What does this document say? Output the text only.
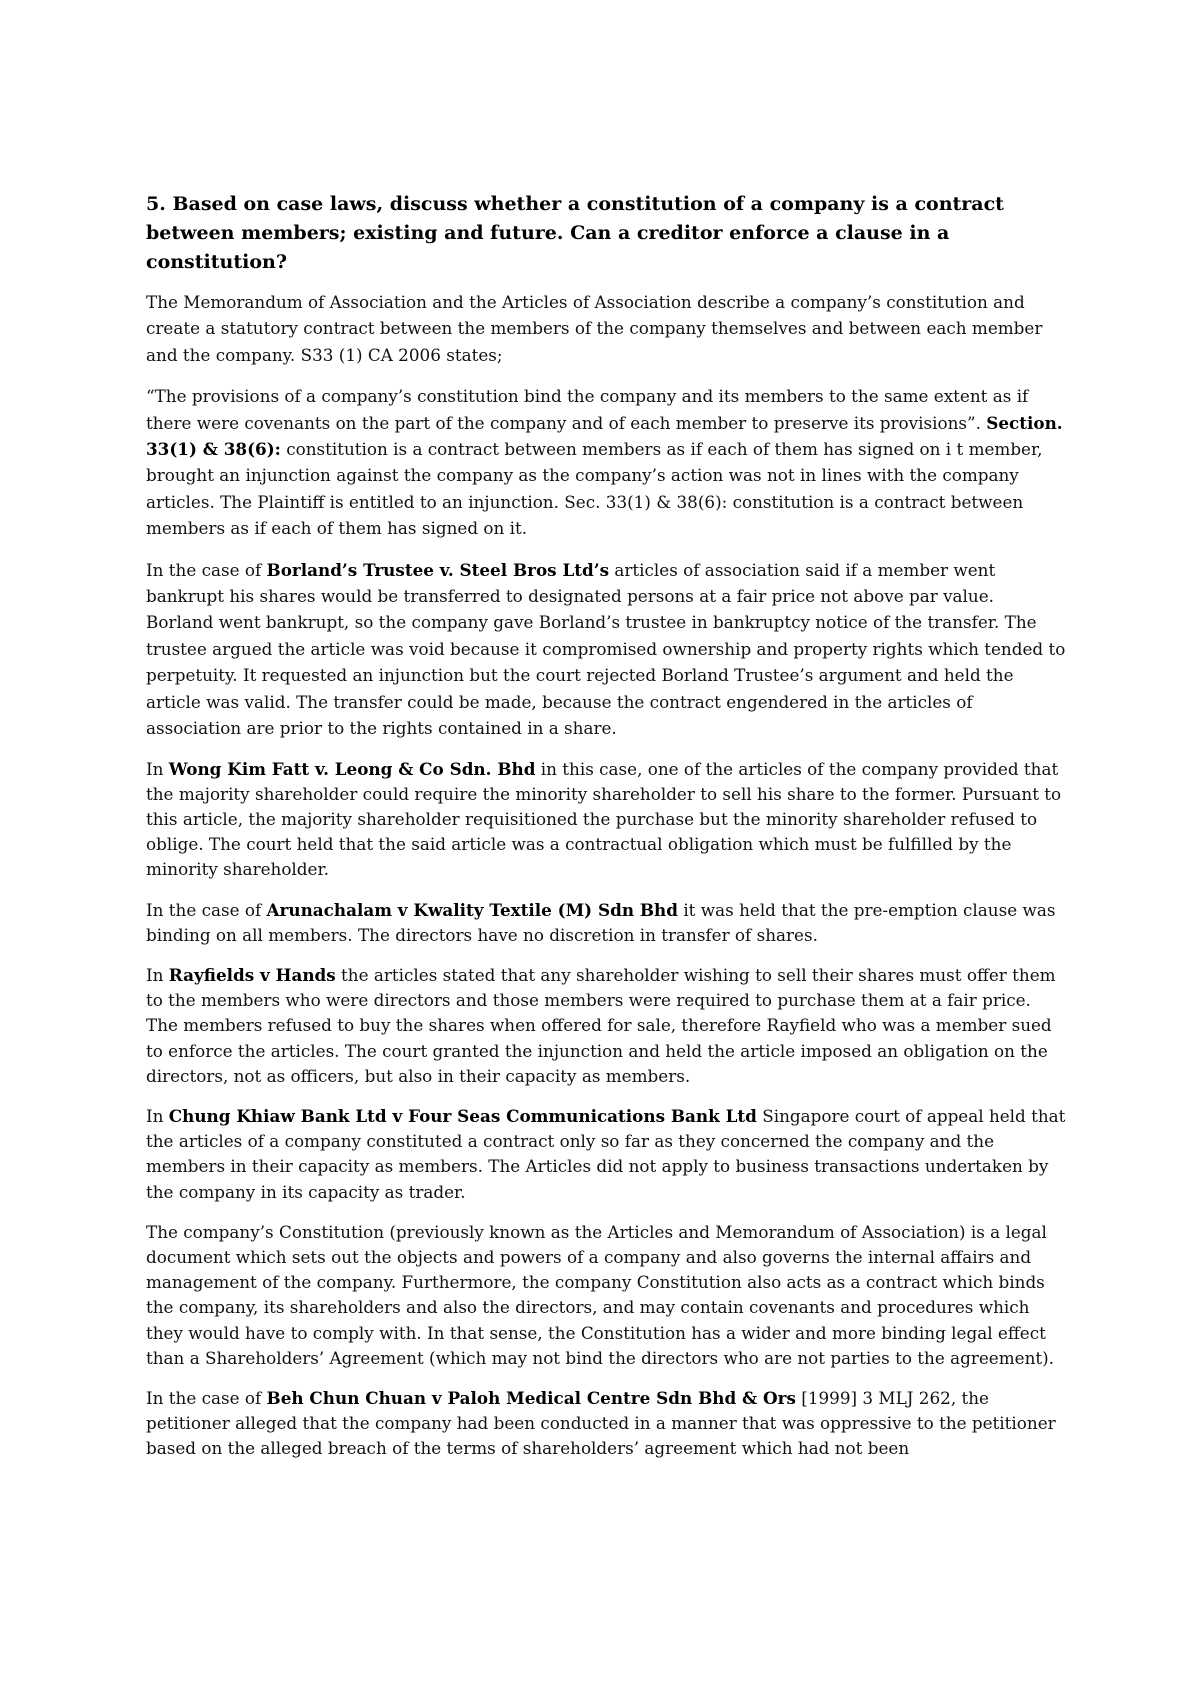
5. Based on case laws, discuss whether a constitution of a company is a contract between members; existing and future. Can a creditor enforce a clause in a constitution?

The Memorandum of Association and the Articles of Association describe a company’s constitution and create a statutory contract between the members of the company themselves and between each member and the company. S33 (1) CA 2006 states;

“The provisions of a company’s constitution bind the company and its members to the same extent as if there were covenants on the part of the company and of each member to preserve its provisions”. Section. 33(1) & 38(6): constitution is a contract between members as if each of them has signed on i t member, brought an injunction against the company as the company’s action was not in lines with the company articles. The Plaintiff is entitled to an injunction. Sec. 33(1) & 38(6): constitution is a contract between members as if each of them has signed on it.

In the case of Borland’s Trustee v. Steel Bros Ltd’s articles of association said if a member went bankrupt his shares would be transferred to designated persons at a fair price not above par value. Borland went bankrupt, so the company gave Borland’s trustee in bankruptcy notice of the transfer. The trustee argued the article was void because it compromised ownership and property rights which tended to perpetuity. It requested an injunction but the court rejected Borland Trustee’s argument and held the article was valid. The transfer could be made, because the contract engendered in the articles of association are prior to the rights contained in a share.

In Wong Kim Fatt v. Leong & Co Sdn. Bhd in this case, one of the articles of the company provided that the majority shareholder could require the minority shareholder to sell his share to the former. Pursuant to this article, the majority shareholder requisitioned the purchase but the minority shareholder refused to oblige. The court held that the said article was a contractual obligation which must be fulfilled by the minority shareholder.

In the case of Arunachalam v Kwality Textile (M) Sdn Bhd it was held that the pre-emption clause was binding on all members. The directors have no discretion in transfer of shares.

In Rayfields v Hands the articles stated that any shareholder wishing to sell their shares must offer them to the members who were directors and those members were required to purchase them at a fair price. The members refused to buy the shares when offered for sale, therefore Rayfield who was a member sued to enforce the articles. The court granted the injunction and held the article imposed an obligation on the directors, not as officers, but also in their capacity as members.

In Chung Khiaw Bank Ltd v Four Seas Communications Bank Ltd Singapore court of appeal held that the articles of a company constituted a contract only so far as they concerned the company and the members in their capacity as members. The Articles did not apply to business transactions undertaken by the company in its capacity as trader.

The company’s Constitution (previously known as the Articles and Memorandum of Association) is a legal document which sets out the objects and powers of a company and also governs the internal affairs and management of the company. Furthermore, the company Constitution also acts as a contract which binds the company, its shareholders and also the directors, and may contain covenants and procedures which they would have to comply with. In that sense, the Constitution has a wider and more binding legal effect than a Shareholders’ Agreement (which may not bind the directors who are not parties to the agreement).

In the case of Beh Chun Chuan v Paloh Medical Centre Sdn Bhd & Ors [1999] 3 MLJ 262, the petitioner alleged that the company had been conducted in a manner that was oppressive to the petitioner based on the alleged breach of the terms of shareholders’ agreement which had not been
